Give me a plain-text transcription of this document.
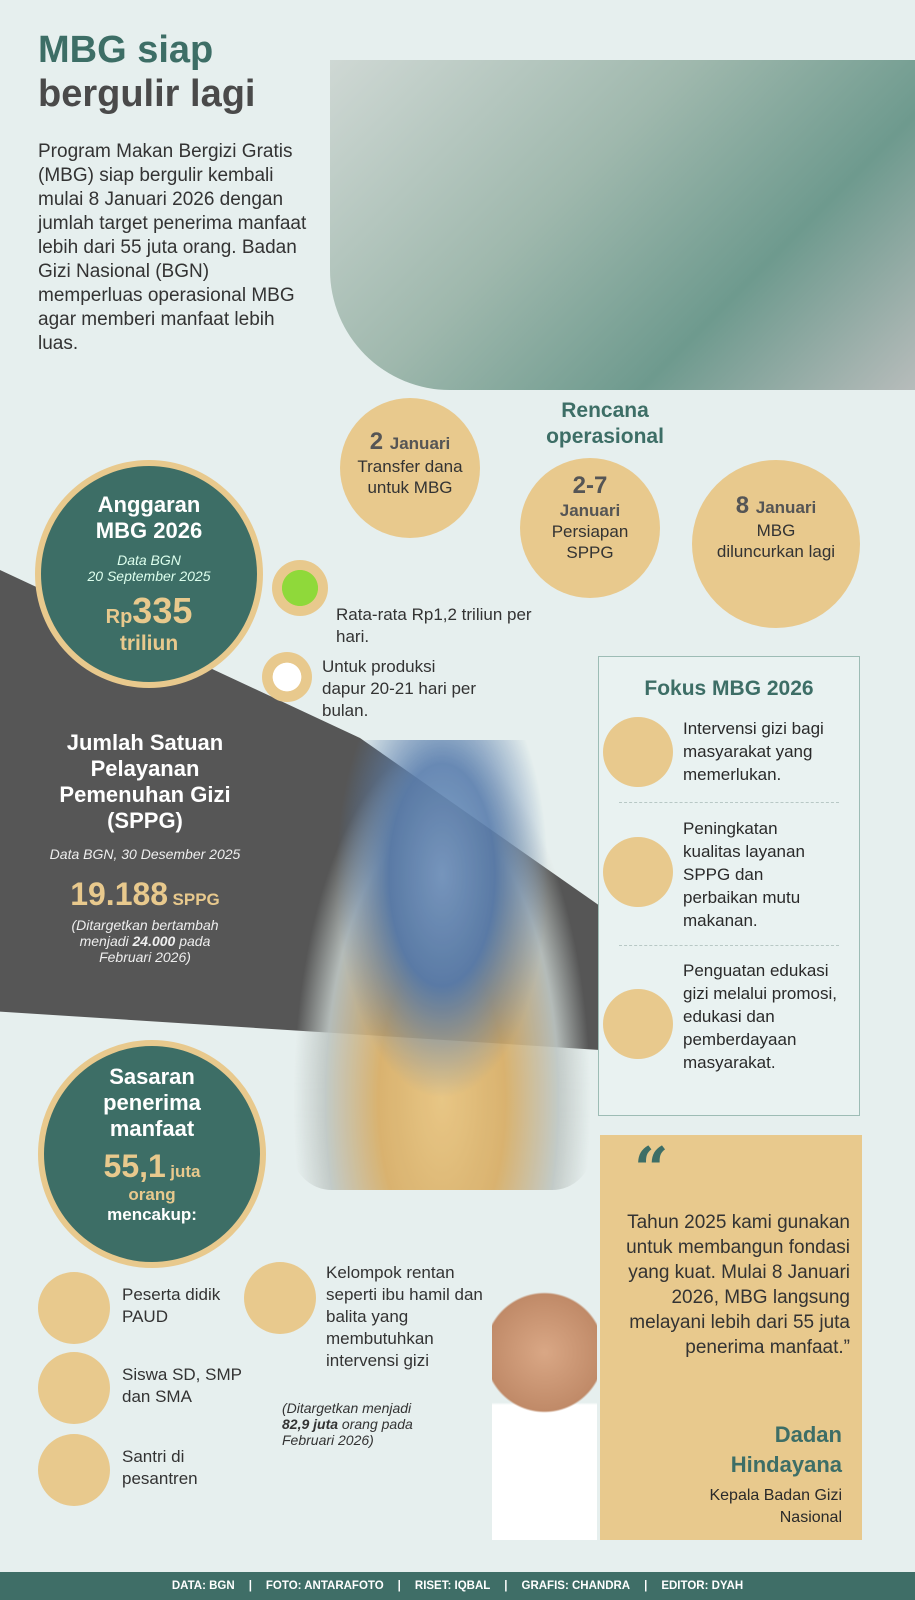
MBG siap
bergulir lagi
Program Makan Bergizi Gratis (MBG) siap bergulir kembali mulai 8 Januari 2026 dengan jumlah target penerima manfaat lebih dari 55 juta orang. Badan Gizi Nasional (BGN) memperluas operasional MBG agar memberi manfaat lebih luas.
Rencana operasional
2 Januari
Transfer dana untuk MBG	2-7
Januari
Persiapan SPPG
8 Januari
MBG diluncurkan lagi
Anggaran MBG 2026
Data BGN
20 September 2025
Rp335
triliun
Rata-rata Rp1,2 triliun per hari.
Untuk produksi dapur 20-21 hari per bulan.
Jumlah Satuan Pelayanan Pemenuhan Gizi (SPPG)
Data BGN, 30 Desember 2025
19.188 SPPG
(Ditargetkan bertambah menjadi 24.000 pada Februari 2026)
Fokus MBG 2026
Intervensi gizi bagi masyarakat yang memerlukan.
Peningkatan kualitas layanan SPPG dan perbaikan mutu makanan.
Penguatan edukasi gizi melalui promosi, edukasi dan pemberdayaan masyarakat.
Sasaran penerima manfaat
55,1 juta
orang
mencakup:
Peserta didik PAUD
Siswa SD, SMP dan SMA
Santri di pesantren
Kelompok rentan seperti ibu hamil dan balita yang membutuhkan intervensi gizi
(Ditargetkan menjadi 82,9 juta orang pada Februari 2026)
“
Tahun 2025 kami gunakan untuk membangun fondasi yang kuat. Mulai 8 Januari 2026, MBG langsung melayani lebih dari 55 juta penerima manfaat.”
Dadan Hindayana
Kepala Badan Gizi Nasional
DATA: BGN | FOTO: ANTARAFOTO | RISET: IQBAL | GRAFIS: CHANDRA | EDITOR: DYAH
